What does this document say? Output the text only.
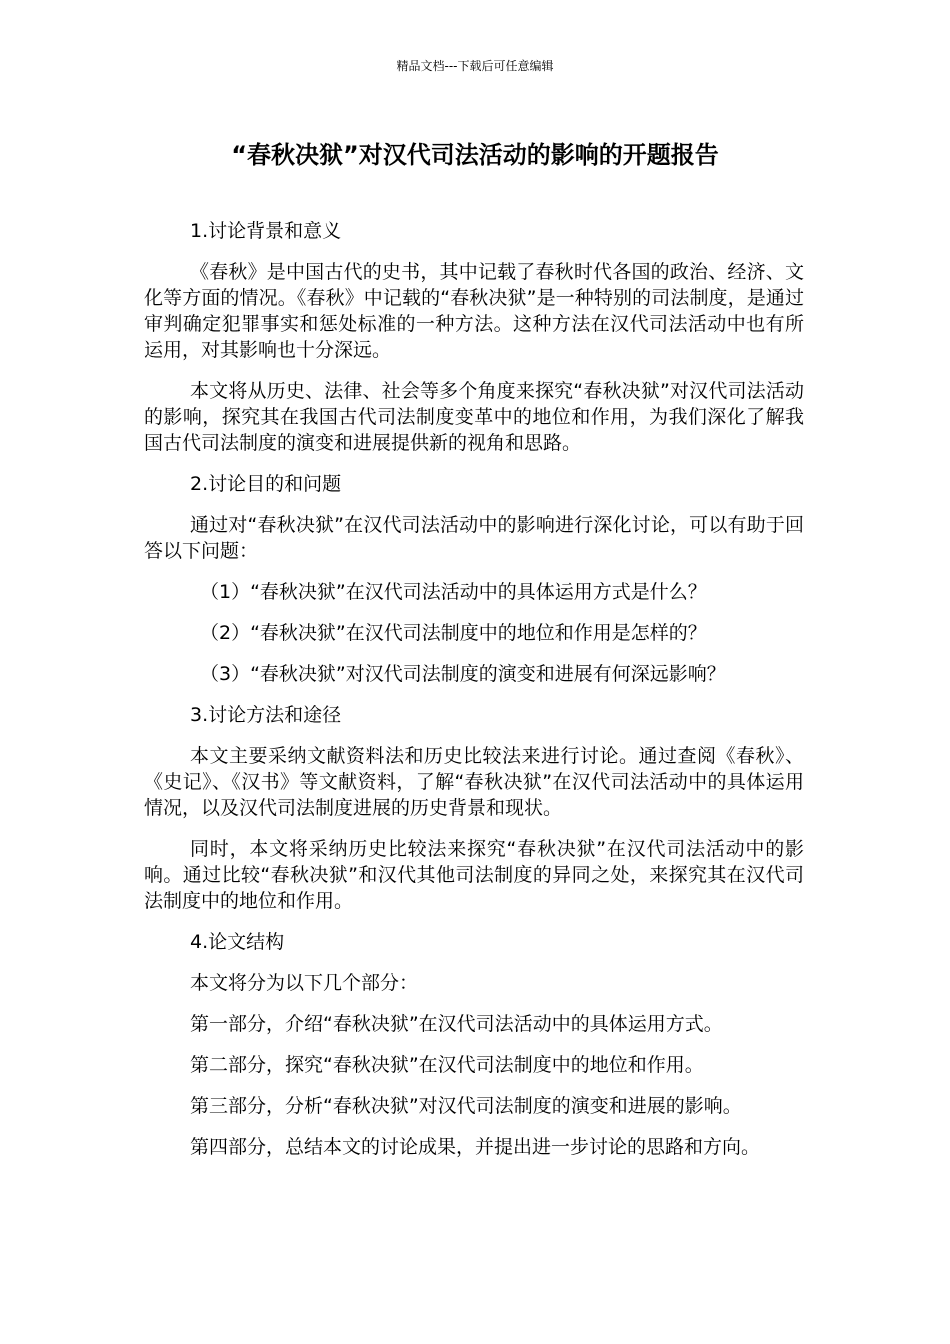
精品文档---下载后可任意编辑
“春秋决狱”对汉代司法活动的影响的开题报告

1.讨论背景和意义

《春秋》是中国古代的史书，其中记载了春秋时代各国的政治、经济、文化等方面的情况。《春秋》中记载的“春秋决狱”是一种特别的司法制度，是通过审判确定犯罪事实和惩处标准的一种方法。这种方法在汉代司法活动中也有所运用，对其影响也十分深远。

本文将从历史、法律、社会等多个角度来探究“春秋决狱”对汉代司法活动的影响，探究其在我国古代司法制度变革中的地位和作用，为我们深化了解我国古代司法制度的演变和进展提供新的视角和思路。

2.讨论目的和问题

通过对“春秋决狱”在汉代司法活动中的影响进行深化讨论，可以有助于回答以下问题：

（1）“春秋决狱”在汉代司法活动中的具体运用方式是什么？

（2）“春秋决狱”在汉代司法制度中的地位和作用是怎样的？

（3）“春秋决狱”对汉代司法制度的演变和进展有何深远影响？

3.讨论方法和途径

本文主要采纳文献资料法和历史比较法来进行讨论。通过查阅《春秋》、《史记》、《汉书》等文献资料，了解“春秋决狱”在汉代司法活动中的具体运用情况，以及汉代司法制度进展的历史背景和现状。

同时，本文将采纳历史比较法来探究“春秋决狱”在汉代司法活动中的影响。通过比较“春秋决狱”和汉代其他司法制度的异同之处，来探究其在汉代司法制度中的地位和作用。

4.论文结构

本文将分为以下几个部分：

第一部分，介绍“春秋决狱”在汉代司法活动中的具体运用方式。

第二部分，探究“春秋决狱”在汉代司法制度中的地位和作用。

第三部分，分析“春秋决狱”对汉代司法制度的演变和进展的影响。

第四部分，总结本文的讨论成果，并提出进一步讨论的思路和方向。
